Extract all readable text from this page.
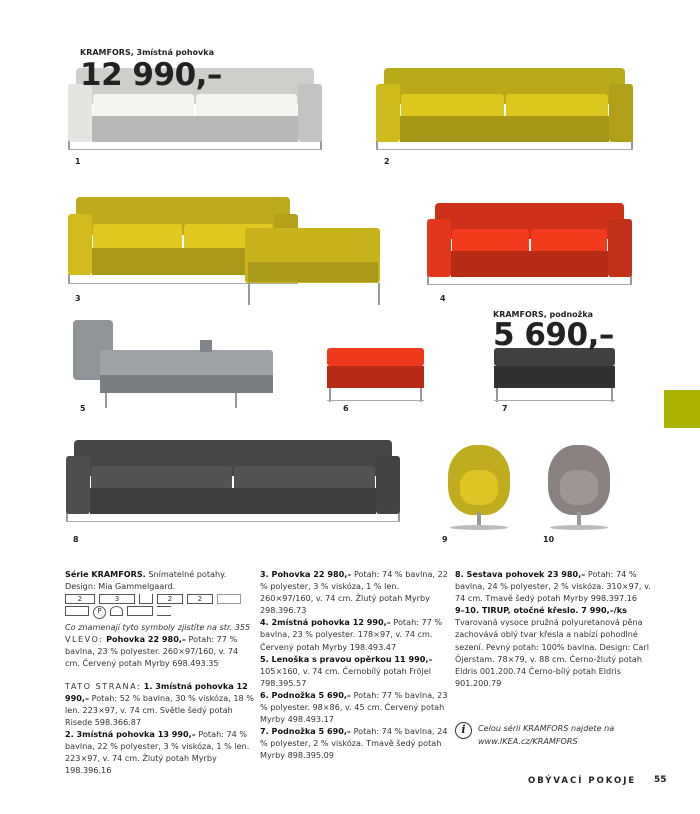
KRAMFORS, 3místná pohovka
12 990,–
KRAMFORS, podnožka
5 690,–
1	2
3	4
5	6	7
8	9	10

Série KRAMFORS. Snímatelné potahy. Design: Mia Gammelgaard.

2	3	2	2
P

Co znamenají tyto symboly zjistíte na str. 355

VLEVO: Pohovka 22 980,– Potah: 77 % bavlna, 23 % polyester. 260×97/160, v. 74 cm. Červený potah Myrby 698.493.35

TATO STRANA: 1. 3místná pohovka 12 990,– Potah: 52 % bavlna, 30 % viskóza, 18 % len. 223×97, v. 74 cm. Světle šedý potah Risede 598.366.87

2. 3místná pohovka 13 990,– Potah: 74 % bavlna, 22 % polyester, 3 % viskóza, 1 % len. 223×97, v. 74 cm. Žlutý potah Myrby 198.396.16

3. Pohovka 22 980,– Potah: 74 % bavlna, 22 % polyester, 3 % viskóza, 1 % len. 260×97/160, v. 74 cm. Žlutý potah Myrby 298.396.73

4. 2místná pohovka 12 990,– Potah: 77 % bavlna, 23 % polyester. 178×97, v. 74 cm. Červený potah Myrby 198.493.47

5. Lenoška s pravou opěrkou 11 990,– 105×160, v. 74 cm. Černobílý potah Fröjel 798.395.57

6. Podnožka 5 690,– Potah: 77 % bavlna, 23 % polyester. 98×86, v. 45 cm. Červený potah Myrby 498.493.17

7. Podnožka 5 690,– Potah: 74 % bavlna, 24 % polyester, 2 % viskóza. Tmavě šedý potah Myrby 898.395.09

8. Sestava pohovek 23 980,– Potah: 74 % bavlna, 24 % polyester, 2 % viskóza. 310×97, v. 74 cm. Tmavě šedý potah Myrby 998.397.16

9–10. TIRUP, otočné křeslo. 7 990,–/ks Tvarovaná vysoce pružná polyuretanová pěna zachovává oblý tvar křesla a nabízí pohodlné sezení. Pevný potah: 100% bavlna. Design: Carl Öjerstam. 78×79, v. 88 cm. Černo-žlutý potah Eldris 001.200.74 Černo-bílý potah Eldris 901.200.79

i	Celou sérii KRAMFORS najdete na
www.IKEA.cz/KRAMFORS
OBÝVACÍ POKOJE 55
